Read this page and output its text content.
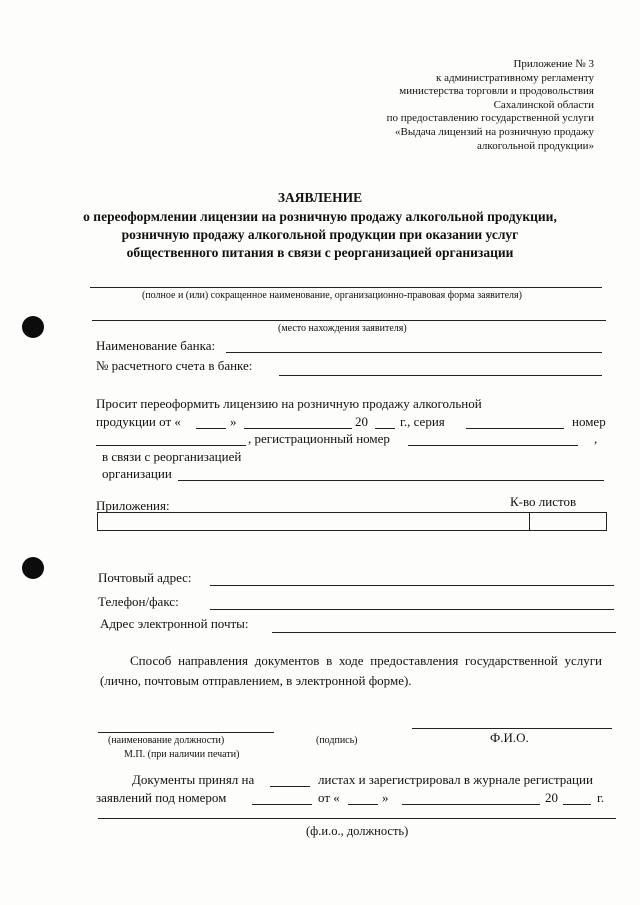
Приложение № 3
к административному регламенту
министерства торговли и продовольствия
Сахалинской области
по предоставлению государственной услуги
«Выдача лицензий на розничную продажу
алкогольной продукции»
ЗАЯВЛЕНИЕ
о переоформлении лицензии на розничную продажу алкогольной продукции,
розничную продажу алкогольной продукции при оказании услуг
общественного питания в связи с реорганизацией организации
(полное и (или) сокращенное наименование, организационно-правовая форма заявителя)
(место нахождения заявителя)
Наименование банка:
№ расчетного счета в банке:
Просит переоформить лицензию на розничную продажу алкогольной
продукции от «	»	20 г., серия	номер
, регистрационный номер	,
в связи с реорганизацией
организации
Приложения:	К-во листов
Почтовый адрес:
Телефон/факс:
Адрес электронной почты:
Способ направления документов в ходе предоставления государственной услуги (лично, почтовым отправлением, в электронной форме).
(наименование должности)	(подпись)	Ф.И.О.
М.П. (при наличии печати)
Документы принял на	листах и зарегистрировал в журнале регистрации
заявлений под номером	от «	»	20	г.
(ф.и.о., должность)
